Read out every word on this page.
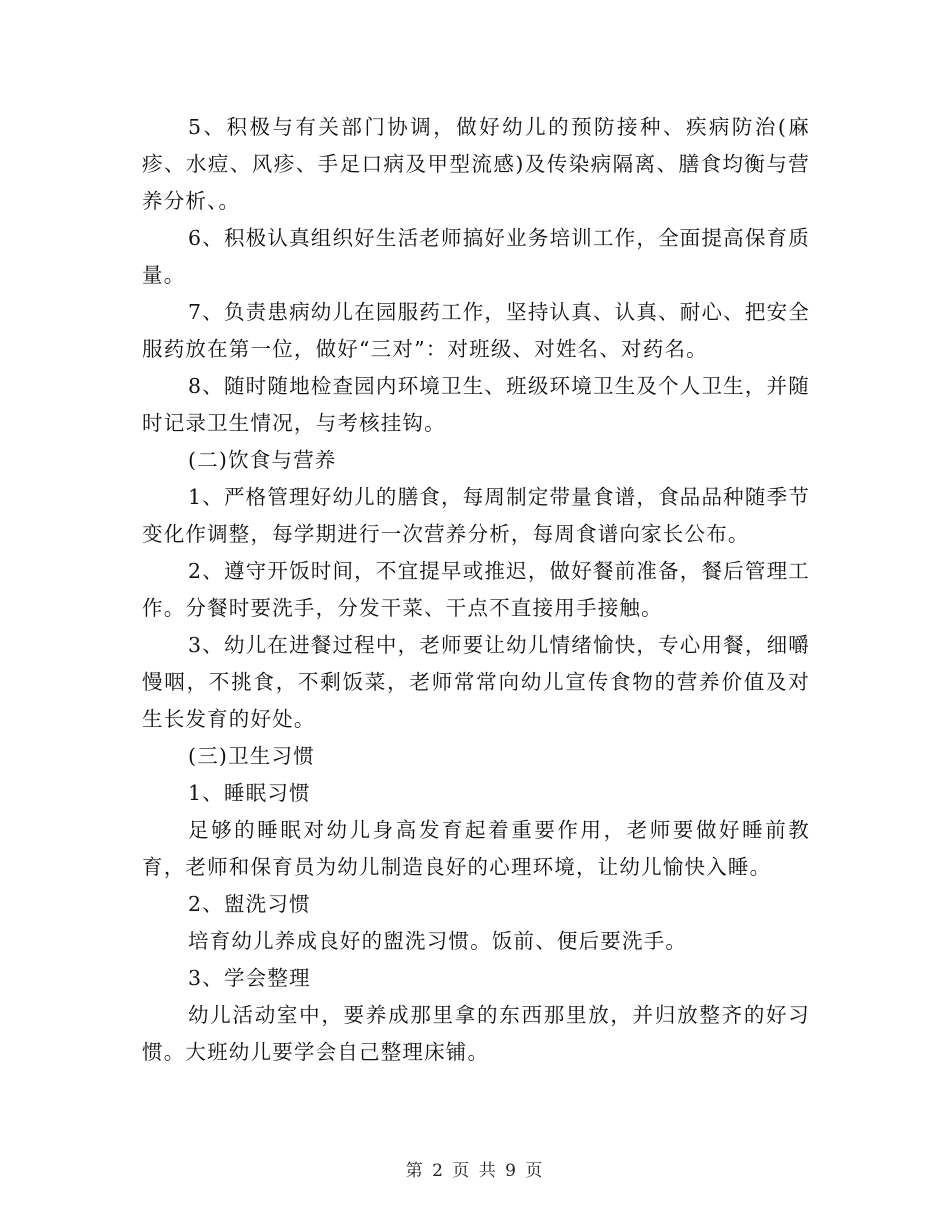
5、积极与有关部门协调，做好幼儿的预防接种、疾病防治(麻疹、水痘、风疹、手足口病及甲型流感)及传染病隔离、膳食均衡与营养分析、。

6、积极认真组织好生活老师搞好业务培训工作，全面提高保育质量。

7、负责患病幼儿在园服药工作，坚持认真、认真、耐心、把安全服药放在第一位，做好“三对”：对班级、对姓名、对药名。

8、随时随地检查园内环境卫生、班级环境卫生及个人卫生，并随时记录卫生情况，与考核挂钩。

(二)饮食与营养

1、严格管理好幼儿的膳食，每周制定带量食谱，食品品种随季节变化作调整，每学期进行一次营养分析，每周食谱向家长公布。

2、遵守开饭时间，不宜提早或推迟，做好餐前准备，餐后管理工作。分餐时要洗手，分发干菜、干点不直接用手接触。

3、幼儿在进餐过程中，老师要让幼儿情绪愉快，专心用餐，细嚼慢咽，不挑食，不剩饭菜，老师常常向幼儿宣传食物的营养价值及对生长发育的好处。

(三)卫生习惯

1、睡眠习惯

足够的睡眠对幼儿身高发育起着重要作用，老师要做好睡前教育，老师和保育员为幼儿制造良好的心理环境，让幼儿愉快入睡。

2、盥洗习惯

培育幼儿养成良好的盥洗习惯。饭前、便后要洗手。

3、学会整理

幼儿活动室中，要养成那里拿的东西那里放，并归放整齐的好习惯。大班幼儿要学会自己整理床铺。

第 2 页 共 9 页
